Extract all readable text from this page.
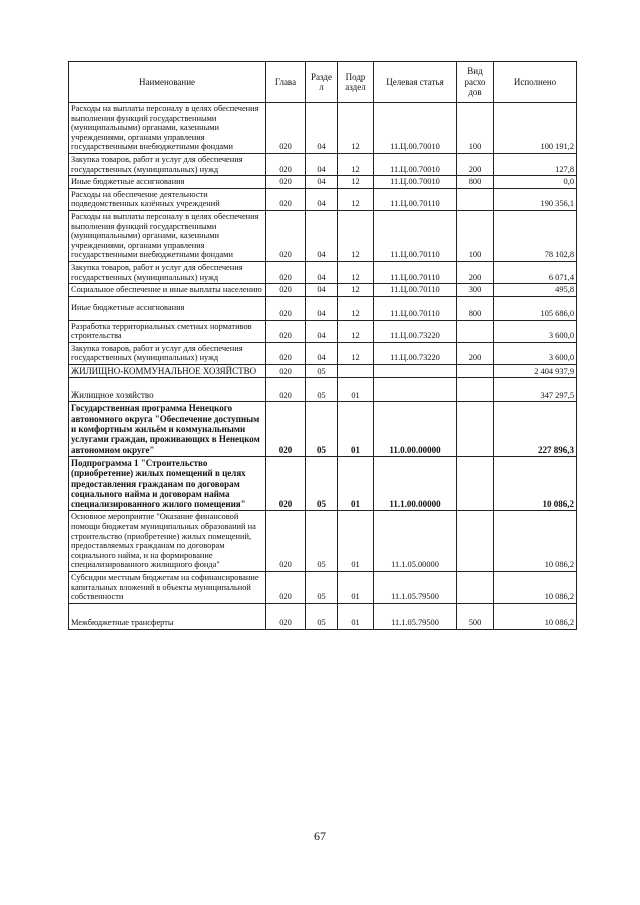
Наименование	Глава	Разде л	Подр аздел	Целевая статья	Вид расхо дов	Исполнено
Расходы на выплаты персоналу в целях обеспечения выполнения функций государственными (муниципальными) органами, казенными учреждениями, органами управления государственными внебюджетными фондами	020	04	12	11.Ц.00.70010	100	100 191,2
Закупка товаров, работ и услуг для обеспечения государственных (муниципальных) нужд	020	04	12	11.Ц.00.70010	200	127,8
Иные бюджетные ассигнования	020	04	12	11.Ц.00.70010	800	0,0
Расходы на обеспечение деятельности подведомственных казённых учреждений	020	04	12	11.Ц.00.70110		190 356,1
Расходы на выплаты персоналу в целях обеспечения выполнения функций государственными (муниципальными) органами, казенными учреждениями, органами управления государственными внебюджетными фондами	020	04	12	11.Ц.00.70110	100	78 102,8
Закупка товаров, работ и услуг для обеспечения государственных (муниципальных) нужд	020	04	12	11.Ц.00.70110	200	6 071,4
Социальное обеспечение и иные выплаты населению	020	04	12	11.Ц.00.70110	300	495,8
Иные бюджетные ассигнования	020	04	12	11.Ц.00.70110	800	105 686,0
Разработка территориальных сметных нормативов строительства	020	04	12	11.Ц.00.73220		3 600,0
Закупка товаров, работ и услуг для обеспечения государственных (муниципальных) нужд	020	04	12	11.Ц.00.73220	200	3 600,0
ЖИЛИЩНО-КОММУНАЛЬНОЕ ХОЗЯЙСТВО	020	05				2 404 937,9
Жилищное хозяйство	020	05	01			347 297,5
Государственная программа Ненецкого автономного округа "Обеспечение доступным и комфортным жильём и коммунальными услугами граждан, проживающих в Ненецком автономном округе"	020	05	01	11.0.00.00000		227 896,3
Подпрограмма 1 "Строительство (приобретение) жилых помещений в целях предоставления гражданам по договорам социального найма и договорам найма специализированного жилого помещения"	020	05	01	11.1.00.00000		10 086,2
Основное мероприятие "Оказание финансовой помощи бюджетам муниципальных образований на строительство (приобретение) жилых помещений, предоставляемых гражданам по договорам социального найма, и на формирование специализированного жилищного фонда"	020	05	01	11.1.05.00000		10 086,2
Субсидии местным бюджетам на софинансирование капитальных вложений в объекты муниципальной собственности	020	05	01	11.1.05.79500		10 086,2
Межбюджетные трансферты	020	05	01	11.1.05.79500	500	10 086,2
67
